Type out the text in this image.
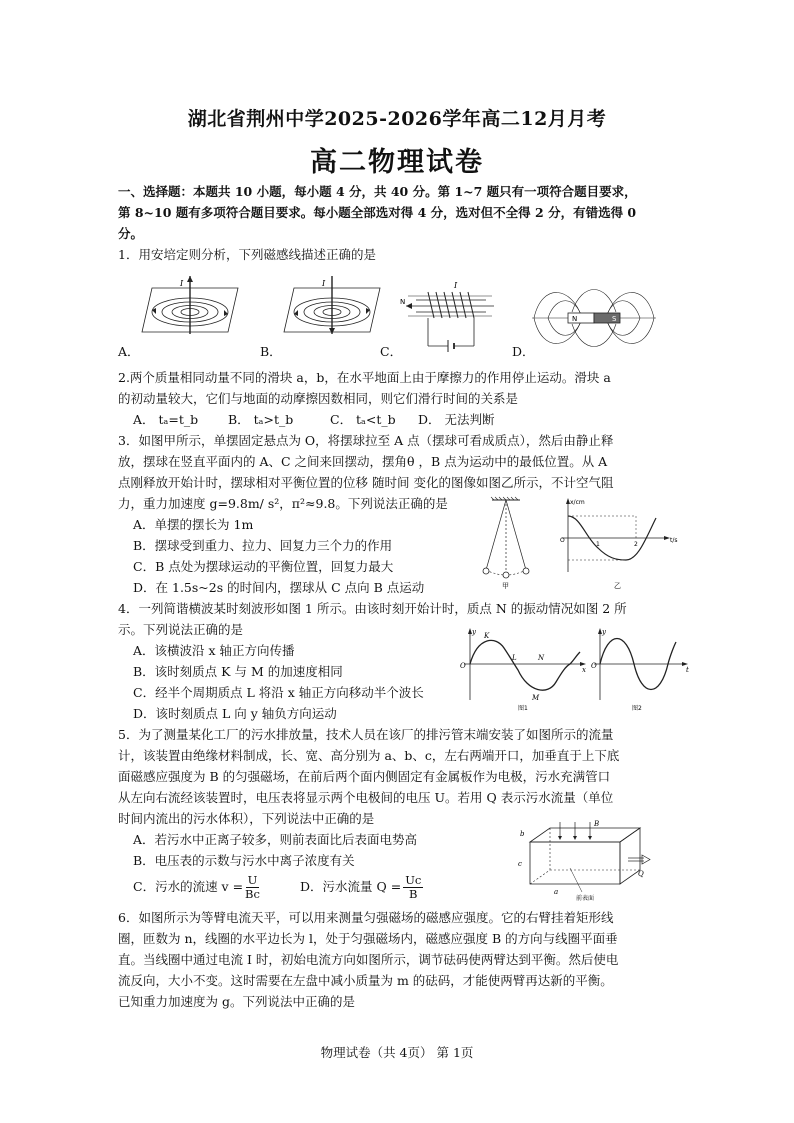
湖北省荆州中学2025-2026学年高二12月月考
高二物理试卷
一、选择题：本题共 10 小题，每小题 4 分，共 40 分。第 1~7 题只有一项符合题目要求，
第 8~10 题有多项符合题目要求。每小题全部选对得 4 分，选对但不全得 2 分，有错选得 0
分。
1．用安培定则分析，下列磁感线描述正确的是
I
A．
I
B．
N
I
C．
N	S
D．
2.两个质量相同动量不同的滑块 a，b，在水平地面上由于摩擦力的作用停止运动。滑块 a
的初动量较大，它们与地面的动摩擦因数相同，则它们滑行时间的关系是
A． tₐ=t_b B． tₐ>t_b	C． tₐ<t_b D． 无法判断
3．如图甲所示，单摆固定悬点为 O，将摆球拉至 A 点（摆球可看成质点），然后由静止释
放，摆球在竖直平面内的 A、C 之间来回摆动，摆角θ ，B 点为运动中的最低位置。从 A
点刚释放开始计时，摆球相对平衡位置的位移 随时间 变化的图像如图乙所示，不计空气阻
力，重力加速度 g=9.8m/ s²，π²≈9.8。下列说法正确的是
A．单摆的摆长为 1m
B．摆球受到重力、拉力、回复力三个力的作用
C．B 点处为摆球运动的平衡位置，回复力最大
D．在 1.5s~2s 的时间内，摆球从 C 点向 B 点运动	甲
x/cm
t/s
O
1	2
乙
4．一列简谐横波某时刻波形如图 1 所示。由该时刻开始计时，质点 N 的振动情况如图 2 所
示。下列说法正确的是
A．该横波沿 x 轴正方向传播
B．该时刻质点 K 与 M 的加速度相同
C．经半个周期质点 L 将沿 x 轴正方向移动半个波长
D．该时刻质点 L 向 y 轴负方向运动
y
x
O
K
L	N
M
图1
y
t
O
图2
5．为了测量某化工厂的污水排放量，技术人员在该厂的排污管末端安装了如图所示的流量
计，该装置由绝缘材料制成，长、宽、高分别为 a、b、c，左右两端开口，加垂直于上下底
面磁感应强度为 B 的匀强磁场，在前后两个面内侧固定有金属板作为电极，污水充满管口
从左向右流经该装置时，电压表将显示两个电极间的电压 U。若用 Q 表示污水流量（单位
时间内流出的污水体积），下列说法中正确的是
A．若污水中正离子较多，则前表面比后表面电势高
B．电压表的示数与污水中离子浓度有关
C．污水的流速 $v = \frac{U}{Bc}$	D．污水流量 $Q = \frac{Uc}{B}$
b
c
a
B
Q
前表面
6．如图所示为等臂电流天平，可以用来测量匀强磁场的磁感应强度。它的右臂挂着矩形线
圈，匝数为 n，线圈的水平边长为 l，处于匀强磁场内，磁感应强度 B 的方向与线圈平面垂
直。当线圈中通过电流 I 时，初始电流方向如图所示，调节砝码使两臂达到平衡。然后使电
流反向，大小不变。这时需要在左盘中减小质量为 m 的砝码，才能使两臂再达新的平衡。
已知重力加速度为 g。下列说法中正确的是
物理试卷（共 4页） 第 1页
